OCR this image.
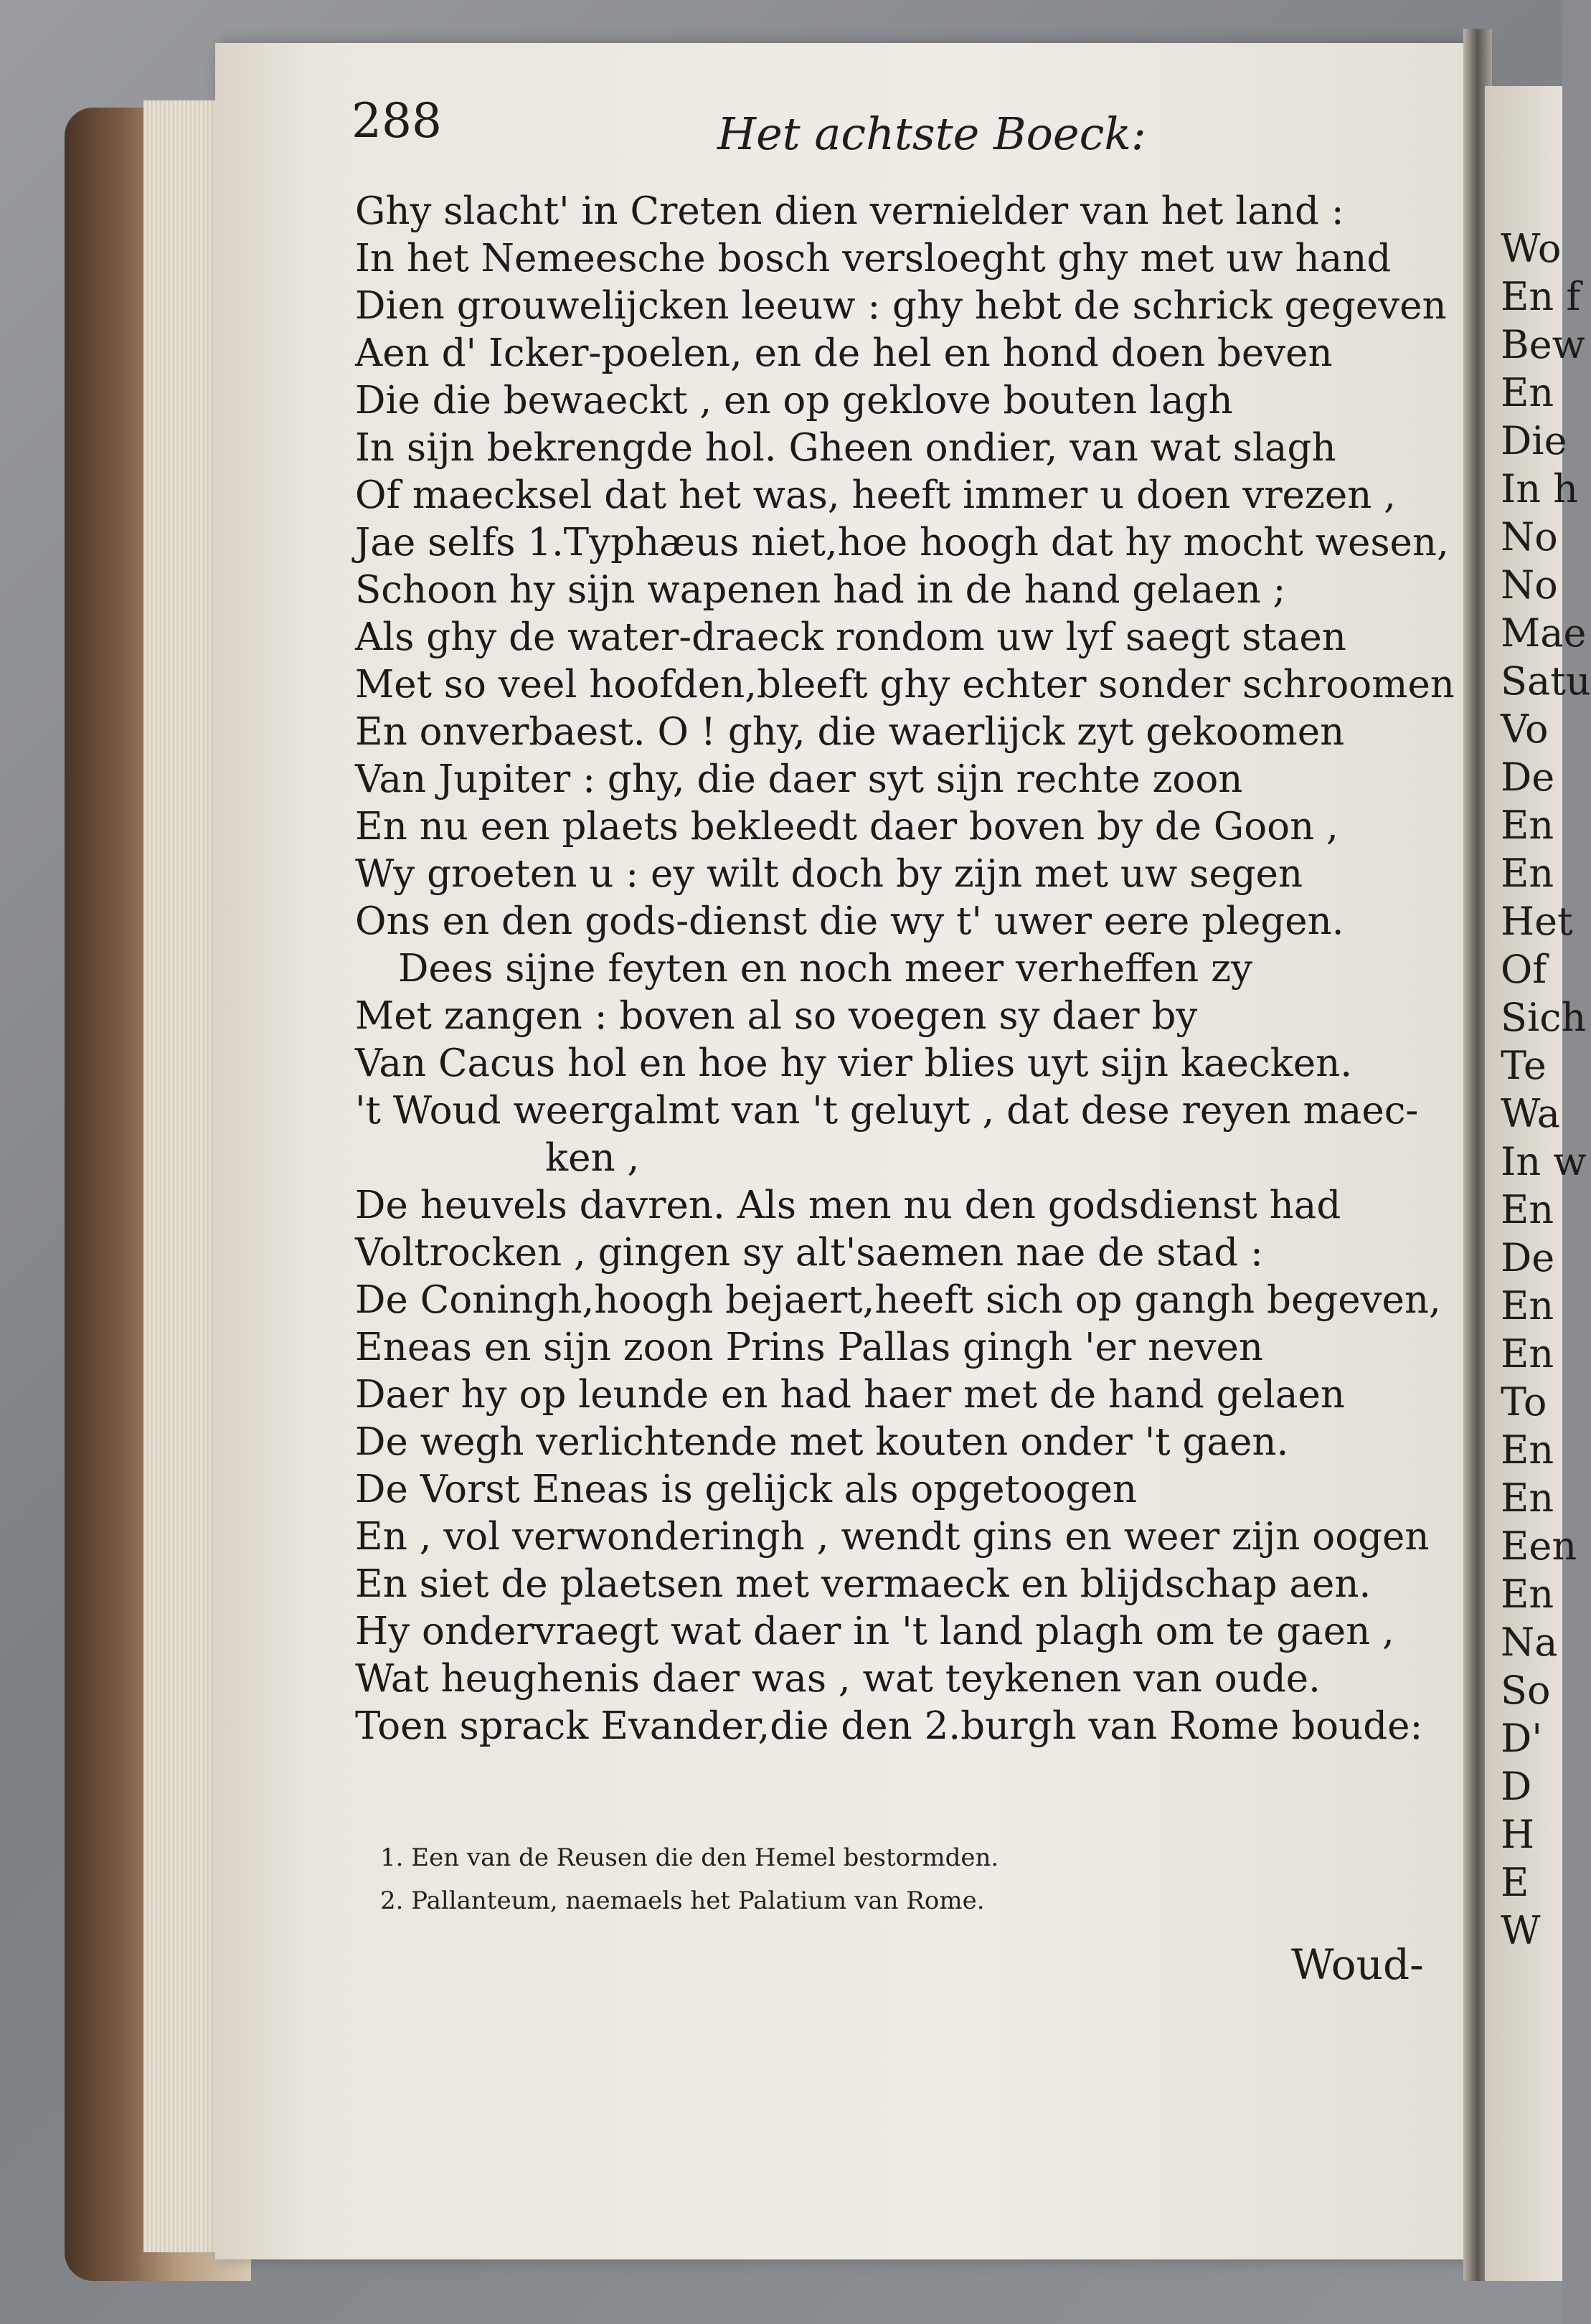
Wo
En f
Bew
En
Die
In h
No
No
Mae
Satu
Vo
De
En
En
Het
Of
Sich
Te
Wa
In w
En
De
En
En
To
En
En
Een
En
Na
So
D'
D
H
E
W
288	Het achtste Boeck:
Ghy slacht' in Creten dien vernielder van het land :
In het Nemeesche bosch versloeght ghy met uw hand
Dien grouwelijcken leeuw : ghy hebt de schrick gegeven
Aen d' Icker-poelen, en de hel en hond doen beven
Die die bewaeckt , en op geklove bouten lagh
In sijn bekrengde hol. Gheen ondier, van wat slagh
Of maecksel dat het was, heeft immer u doen vrezen ,
Jae selfs 1.Typhæus niet,hoe hoogh dat hy mocht wesen,
Schoon hy sijn wapenen had in de hand gelaen ;
Als ghy de water-draeck rondom uw lyf saegt staen
Met so veel hoofden,bleeft ghy echter sonder schroomen
En onverbaest. O ! ghy, die waerlijck zyt gekoomen
Van Jupiter : ghy, die daer syt sijn rechte zoon
En nu een plaets bekleedt daer boven by de Goon ,
Wy groeten u : ey wilt doch by zijn met uw segen
Ons en den gods-dienst die wy t' uwer eere plegen.
Dees sijne feyten en noch meer verheffen zy
Met zangen : boven al so voegen sy daer by
Van Cacus hol en hoe hy vier blies uyt sijn kaecken.
't Woud weergalmt van 't geluyt , dat dese reyen maec-
ken ,
De heuvels davren. Als men nu den godsdienst had
Voltrocken , gingen sy alt'saemen nae de stad :
De Coningh,hoogh bejaert,heeft sich op gangh begeven,
Eneas en sijn zoon Prins Pallas gingh 'er neven
Daer hy op leunde en had haer met de hand gelaen
De wegh verlichtende met kouten onder 't gaen.
De Vorst Eneas is gelijck als opgetoogen
En , vol verwonderingh , wendt gins en weer zijn oogen
En siet de plaetsen met vermaeck en blijdschap aen.
Hy ondervraegt wat daer in 't land plagh om te gaen ,
Wat heughenis daer was , wat teykenen van oude.
Toen sprack Evander,die den 2.burgh van Rome boude:
1. Een van de Reusen die den Hemel bestormden.
2. Pallanteum, naemaels het Palatium van Rome.
Woud-
